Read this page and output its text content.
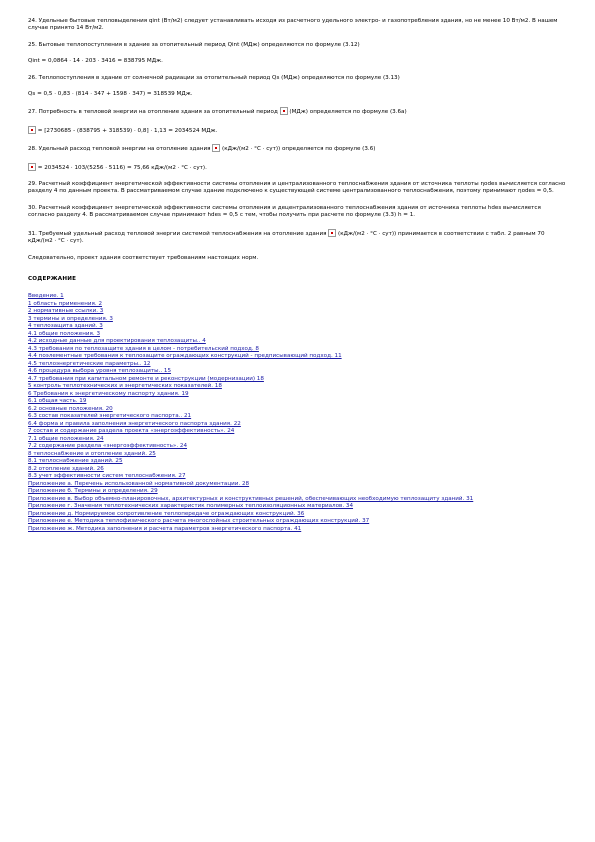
24. Удельные бытовые тепловыделения qint (Вт/м2) следует устанавливать исходя из расчетного удельного электро- и газопотребления здания, но не менее 10 Вт/м2. В нашем случае принято 14 Вт/м2.
25. Бытовые теплопоступления в здание за отопительный период Qint (МДж) определяются по формуле (3.12)
Qint = 0,0864 · 14 · 203 · 3416 = 838795 МДж.
26. Теплопоступления в здание от солнечной радиации за отопительный период Qs (МДж) определяются по формуле (3.13)
Qs = 0,5 · 0,83 · (814 · 347 + 1598 · 347) = 318539 МДж.
27. Потребность в тепловой энергии на отопление здания за отопительный период  (МДж) определяется по формуле (3.6а)
= [2730685 - (838795 + 318539) · 0,8] · 1,13 = 2034524 МДж.
28. Удельный расход тепловой энергии на отопление здания  (кДж/(м2 · °С · сут)) определяется по формуле (3.6)
= 2034524 · 103/(5256 · 5116) = 75,66 кДж/(м2 · °С · сут).
29. Расчетный коэффициент энергетической эффективности системы отопления и централизованного теплоснабжения здания от источника теплоты ηodes вычисляется согласно разделу 4 по данным проекта. В рассматриваемом случае здание подключено к существующей системе централизованного теплоснабжения, поэтому принимают ηodes = 0,5.
30. Расчетный коэффициент энергетической эффективности системы отопления и децентрализованного теплоснабжения здания от источника теплоты hdes вычисляется согласно разделу 4. В рассматриваемом случае принимают hdes = 0,5 с тем, чтобы получить при расчете по формуле (3.3) h = 1.
31. Требуемый удельный расход тепловой энергии системой теплоснабжения на отопление здания  (кДж/(м2 · °С · сут)) принимается в соответствии с табл. 2 равным 70 кДж/(м2 · °С · сут).
Следовательно, проект здания соответствует требованиям настоящих норм.
СОДЕРЖАНИЕ
Введение. 1
1 область применения. 2
2 нормативные ссылки. 3
3 термины и определения. 3
4 теплозащита зданий. 3
4.1 общие положения. 3
4.2 исходные данные для проектирования теплозащиты.. 4
4.3 требования по теплозащите здания в целом - потребительский подход. 8
4.4 поэлементные требования к теплозащите ограждающих конструкций - предписывающий подход. 11
4.5 теплоэнергетические параметры.. 12
4.6 процедура выбора уровня теплозащиты.. 15
4.7 требования при капитальном ремонте и реконструкции (модернизации) 18
5 контроль теплотехнических и энергетических показателей. 18
6 Требования к энергетическому паспорту здания. 19
6.1 общая часть. 19
6.2 основные положения. 20
6.3 состав показателей энергетического паспорта.. 21
6.4 форма и правила заполнения энергетического паспорта здания. 22
7 состав и содержание раздела проекта «энергоэффективность». 24
7.1 общие положения. 24
7.2 содержание раздела «энергоэффективность». 24
8 теплоснабжение и отопление зданий. 25
8.1 теплоснабжение зданий. 25
8.2 отопление зданий. 26
8.3 учет эффективности систем теплоснабжения. 27
Приложение а. Перечень использованной нормативной документации. 28
Приложение б. Термины и определения. 29
Приложение в. Выбор объемно-планировочных, архитектурных и конструктивных решений, обеспечивающих необходимую теплозащиту зданий. 31
Приложение г. Значения теплотехнических характеристик полимерных теплоизоляционных материалов. 34
Приложение д. Нормируемое сопротивление теплопередаче ограждающих конструкций. 36
Приложение е. Методика теплофизического расчета многослойных строительных ограждающих конструкций. 37
Приложение ж. Методика заполнения и расчета параметров энергетического паспорта. 41
